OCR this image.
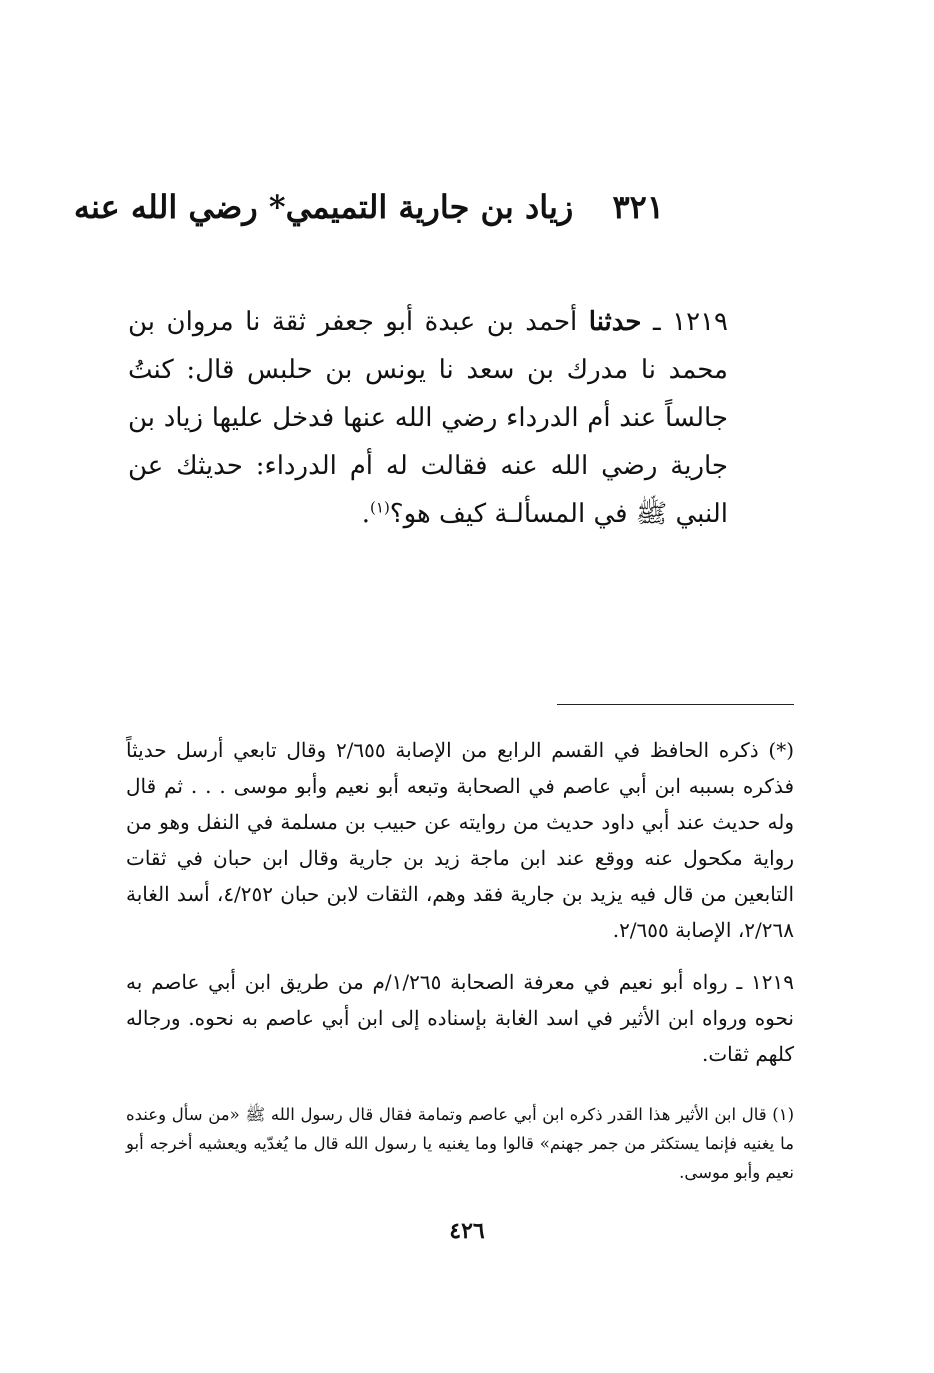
٣٢١ زياد بن جارية التميمي* رضي الله عنه

١٢١٩ ـ حدثنا أحمد بن عبدة أبو جعفر ثقة نا مروان بن محمد نا مدرك بن سعد نا يونس بن حلبس قال: كنتُ جالساً عند أم الدرداء رضي الله عنها فدخل عليها زياد بن جارية رضي الله عنه فقالت له أم الدرداء: حديثك عن النبي ﷺ في المسألـة كيف هو؟$^{(١)}$.

(*) ذكره الحافظ في القسم الرابع من الإصابة ٢/٦٥٥ وقال تابعي أرسل حديثاً فذكره بسببه ابن أبي عاصم في الصحابة وتبعه أبو نعيم وأبو موسى . . . ثم قال وله حديث عند أبي داود حديث من روايته عن حبيب بن مسلمة في النفل وهو من رواية مكحول عنه ووقع عند ابن ماجة زيد بن جارية وقال ابن حبان في ثقات التابعين من قال فيه يزيد بن جارية فقد وهم، الثقات لابن حبان ٤/٢٥٢، أسد الغابة ٢/٢٦٨، الإصابة ٢/٦٥٥.

١٢١٩ ـ رواه أبو نعيم في معرفة الصحابة ١/٢٦٥/م من طريق ابن أبي عاصم به نحوه ورواه ابن الأثير في اسد الغابة بإسناده إلى ابن أبي عاصم به نحوه. ورجاله كلهم ثقات.

(١) قال ابن الأثير هذا القدر ذكره ابن أبي عاصم وتمامة فقال قال رسول الله ﷺ «من سأل وعنده ما يغنيه فإنما يستكثر من جمر جهنم» قالوا وما يغنيه يا رسول الله قال ما يُغدّيه ويعشيه أخرجه أبو نعيم وأبو موسى.

٤٢٦
